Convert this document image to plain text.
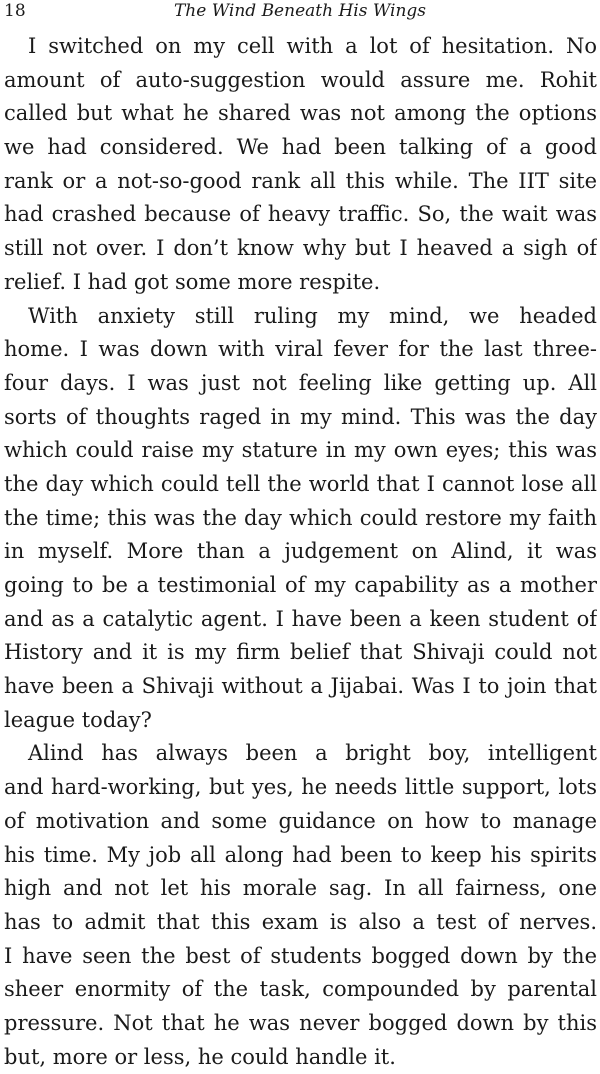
18	The Wind Beneath His Wings

I switched on my cell with a lot of hesitation. No
amount of auto-suggestion would assure me. Rohit
called but what he shared was not among the options
we had considered. We had been talking of a good
rank or a not-so-good rank all this while. The IIT site
had crashed because of heavy traffic. So, the wait was
still not over. I don’t know why but I heaved a sigh of
relief. I had got some more respite.

With anxiety still ruling my mind, we headed
home. I was down with viral fever for the last three-
four days. I was just not feeling like getting up. All
sorts of thoughts raged in my mind. This was the day
which could raise my stature in my own eyes; this was
the day which could tell the world that I cannot lose all
the time; this was the day which could restore my faith
in myself. More than a judgement on Alind, it was
going to be a testimonial of my capability as a mother
and as a catalytic agent. I have been a keen student of
History and it is my firm belief that Shivaji could not
have been a Shivaji without a Jijabai. Was I to join that
league today?

Alind has always been a bright boy, intelligent
and hard-working, but yes, he needs little support, lots
of motivation and some guidance on how to manage
his time. My job all along had been to keep his spirits
high and not let his morale sag. In all fairness, one
has to admit that this exam is also a test of nerves.
I have seen the best of students bogged down by the
sheer enormity of the task, compounded by parental
pressure. Not that he was never bogged down by this
but, more or less, he could handle it.
